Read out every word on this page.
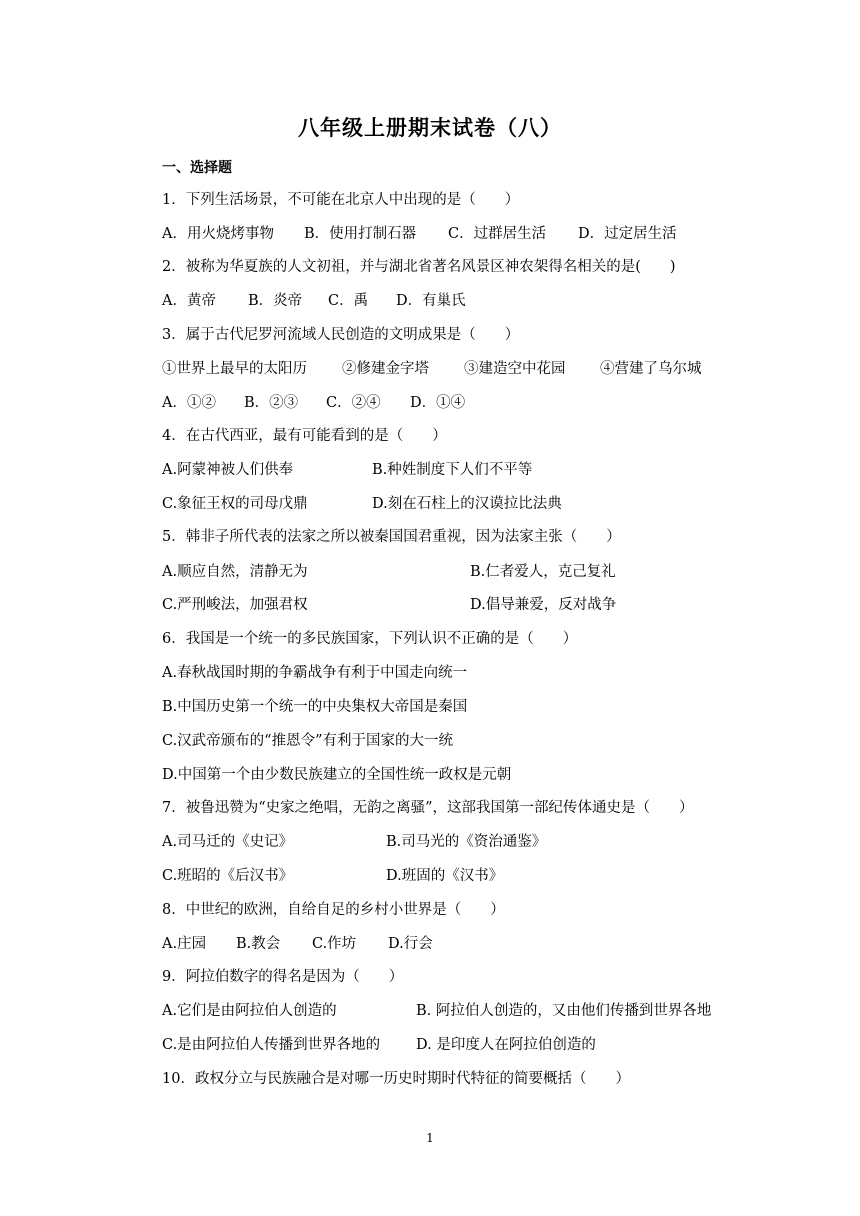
八年级上册期末试卷（八）
一、选择题
1．下列生活场景，不可能在北京人中出现的是（　　）
A．用火烧烤事物 B．使用打制石器 C．过群居生活 D．过定居生活
2．被称为华夏族的人文初祖，并与湖北省著名风景区神农架得名相关的是(　　)
A．黄帝 B．炎帝 C．禹 D．有巢氏
3．属于古代尼罗河流域人民创造的文明成果是（　　）
①世界上最早的太阳历 ②修建金字塔 ③建造空中花园 ④营建了乌尔城
A．①② B．②③ C．②④ D．①④
4．在古代西亚，最有可能看到的是（　　）
A.阿蒙神被人们供奉	B.种姓制度下人们不平等
C.象征王权的司母戊鼎	D.刻在石柱上的汉谟拉比法典
5．韩非子所代表的法家之所以被秦国国君重视，因为法家主张（　　）
A.顺应自然，清静无为	B.仁者爱人，克己复礼
C.严刑峻法，加强君权	D.倡导兼爱，反对战争
6．我国是一个统一的多民族国家，下列认识不正确的是（　　）
A.春秋战国时期的争霸战争有利于中国走向统一
B.中国历史第一个统一的中央集权大帝国是秦国
C.汉武帝颁布的“推恩令”有利于国家的大一统
D.中国第一个由少数民族建立的全国性统一政权是元朝
7．被鲁迅赞为“史家之绝唱，无韵之离骚”，这部我国第一部纪传体通史是（　　）
A.司马迁的《史记》	B.司马光的《资治通鉴》
C.班昭的《后汉书》	D.班固的《汉书》
8．中世纪的欧洲，自给自足的乡村小世界是（　　）
A.庄园 B.教会 C.作坊 D.行会
9．阿拉伯数字的得名是因为（　　）
A.它们是由阿拉伯人创造的	B. 阿拉伯人创造的，又由他们传播到世界各地
C.是由阿拉伯人传播到世界各地的 D. 是印度人在阿拉伯创造的
10．政权分立与民族融合是对哪一历史时期时代特征的简要概括（　　）
1
